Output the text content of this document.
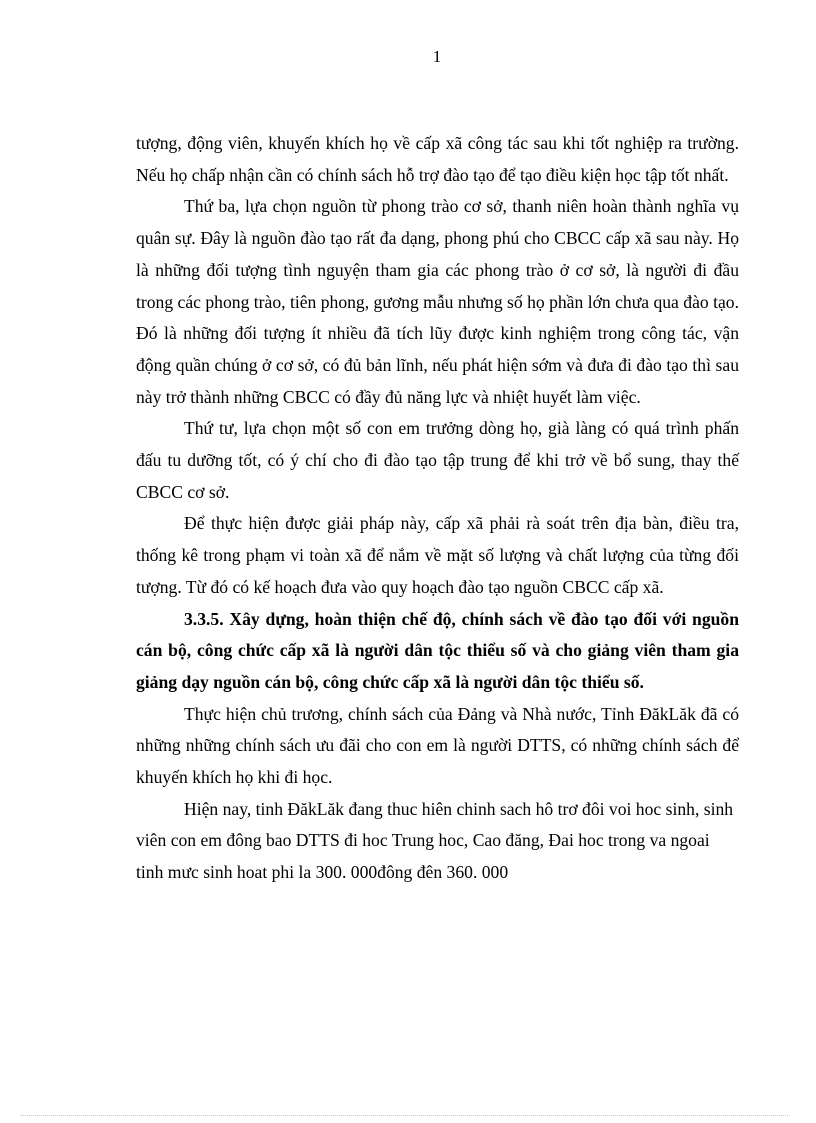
1

tượng, động viên, khuyến khích họ về cấp xã công tác sau khi tốt nghiệp ra trường. Nếu họ chấp nhận cần có chính sách hỗ trợ đào tạo để tạo điều kiện học tập tốt nhất.

Thứ ba, lựa chọn nguồn từ phong trào cơ sở, thanh niên hoàn thành nghĩa vụ quân sự. Đây là nguồn đào tạo rất đa dạng, phong phú cho CBCC cấp xã sau này. Họ là những đối tượng tình nguyện tham gia các phong trào ở cơ sở, là người đi đầu trong các phong trào, tiên phong, gương mẫu nhưng số họ phần lớn chưa qua đào tạo. Đó là những đối tượng ít nhiều đã tích lũy được kinh nghiệm trong công tác, vận động quần chúng ở cơ sở, có đủ bản lĩnh, nếu phát hiện sớm và đưa đi đào tạo thì sau này trở thành những CBCC có đầy đủ năng lực và nhiệt huyết làm việc.

Thứ tư, lựa chọn một số con em trưởng dòng họ, già làng có quá trình phấn đấu tu dưỡng tốt, có ý chí cho đi đào tạo tập trung để khi trở về bổ sung, thay thế CBCC cơ sở.

Để thực hiện được giải pháp này, cấp xã phải rà soát trên địa bàn, điều tra, thống kê trong phạm vi toàn xã để nắm về mặt số lượng và chất lượng của từng đối tượng. Từ đó có kế hoạch đưa vào quy hoạch đào tạo nguồn CBCC cấp xã.

3.3.5. Xây dựng, hoàn thiện chế độ, chính sách về đào tạo đối với nguồn cán bộ, công chức cấp xã là người dân tộc thiểu số và cho giảng viên tham gia giảng dạy nguồn cán bộ, công chức cấp xã là người dân tộc thiểu số.

Thực hiện chủ trương, chính sách của Đảng và Nhà nước, Tỉnh ĐăkLăk đã có những những chính sách ưu đãi cho con em là người DTTS, có những chính sách để khuyến khích họ khi đi học.

Hiện nay, tinh ĐăkLăk đang thuc hiên chinh sach hô trơ đôi voi hoc sinh, sinh viên con em đông bao DTTS đi hoc Trung hoc, Cao đăng, Đai hoc trong va ngoai tinh mưc sinh hoat phi la 300. 000đông đên 360. 000
